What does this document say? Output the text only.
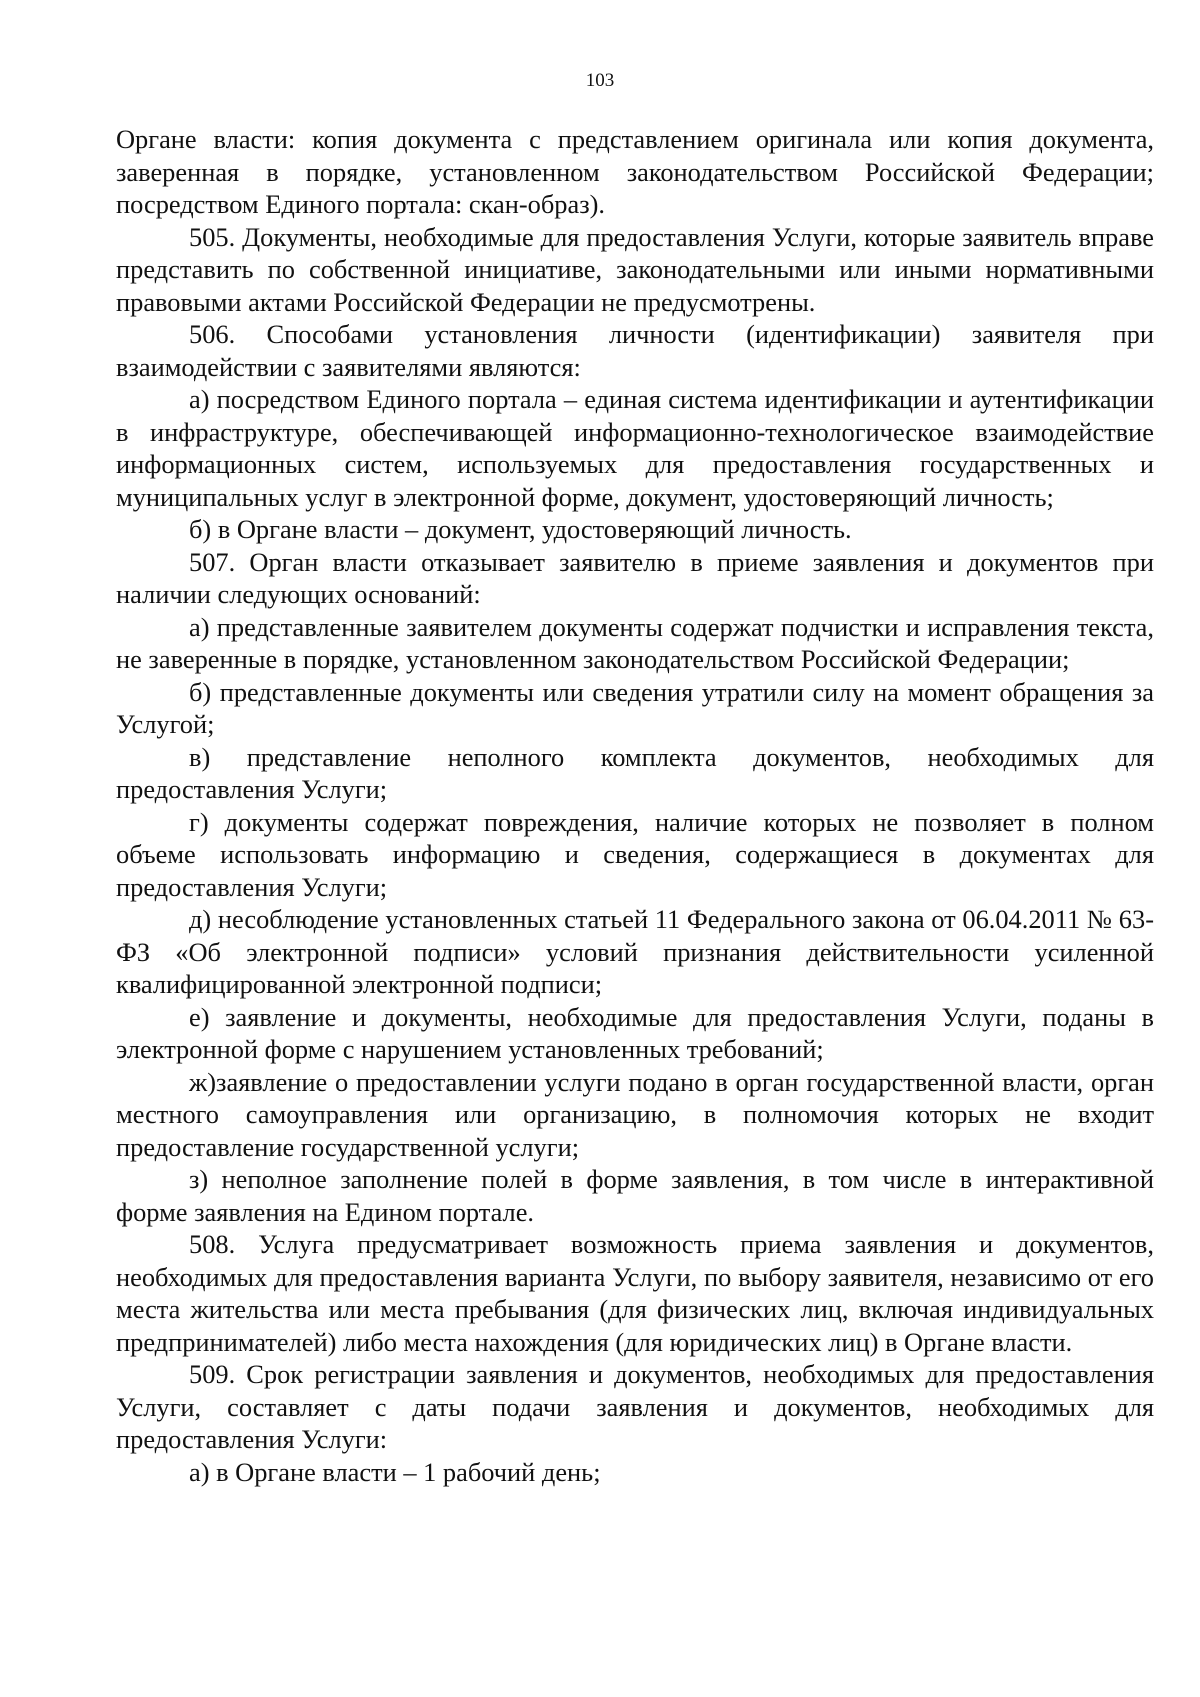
103

Органе власти: копия документа с представлением оригинала или копия документа, заверенная в порядке, установленном законодательством Российской Федерации; посредством Единого портала: скан-образ).

505. Документы, необходимые для предоставления Услуги, которые заявитель вправе представить по собственной инициативе, законодательными или иными нормативными правовыми актами Российской Федерации не предусмотрены.

506. Способами установления личности (идентификации) заявителя при взаимодействии с заявителями являются:

а) посредством Единого портала – единая система идентификации и аутентификации в инфраструктуре, обеспечивающей информационно-технологическое взаимодействие информационных систем, используемых для предоставления государственных и муниципальных услуг в электронной форме, документ, удостоверяющий личность;

б) в Органе власти – документ, удостоверяющий личность.

507. Орган власти отказывает заявителю в приеме заявления и документов при наличии следующих оснований:

а) представленные заявителем документы содержат подчистки и исправления текста, не заверенные в порядке, установленном законодательством Российской Федерации;

б) представленные документы или сведения утратили силу на момент обращения за Услугой;

в) представление неполного комплекта документов, необходимых для предоставления Услуги;

г) документы содержат повреждения, наличие которых не позволяет в полном объеме использовать информацию и сведения, содержащиеся в документах для предоставления Услуги;

д) несоблюдение установленных статьей 11 Федерального закона от 06.04.2011 № 63-ФЗ «Об электронной подписи» условий признания действительности усиленной квалифицированной электронной подписи;

е) заявление и документы, необходимые для предоставления Услуги, поданы в электронной форме с нарушением установленных требований;

ж)заявление о предоставлении услуги подано в орган государственной власти, орган местного самоуправления или организацию, в полномочия которых не входит предоставление государственной услуги;

з) неполное заполнение полей в форме заявления, в том числе в интерактивной форме заявления на Едином портале.

508. Услуга предусматривает возможность приема заявления и документов, необходимых для предоставления варианта Услуги, по выбору заявителя, независимо от его места жительства или места пребывания (для физических лиц, включая индивидуальных предпринимателей) либо места нахождения (для юридических лиц) в Органе власти.

509. Срок регистрации заявления и документов, необходимых для предоставления Услуги, составляет с даты подачи заявления и документов, необходимых для предоставления Услуги:

а) в Органе власти – 1 рабочий день;
